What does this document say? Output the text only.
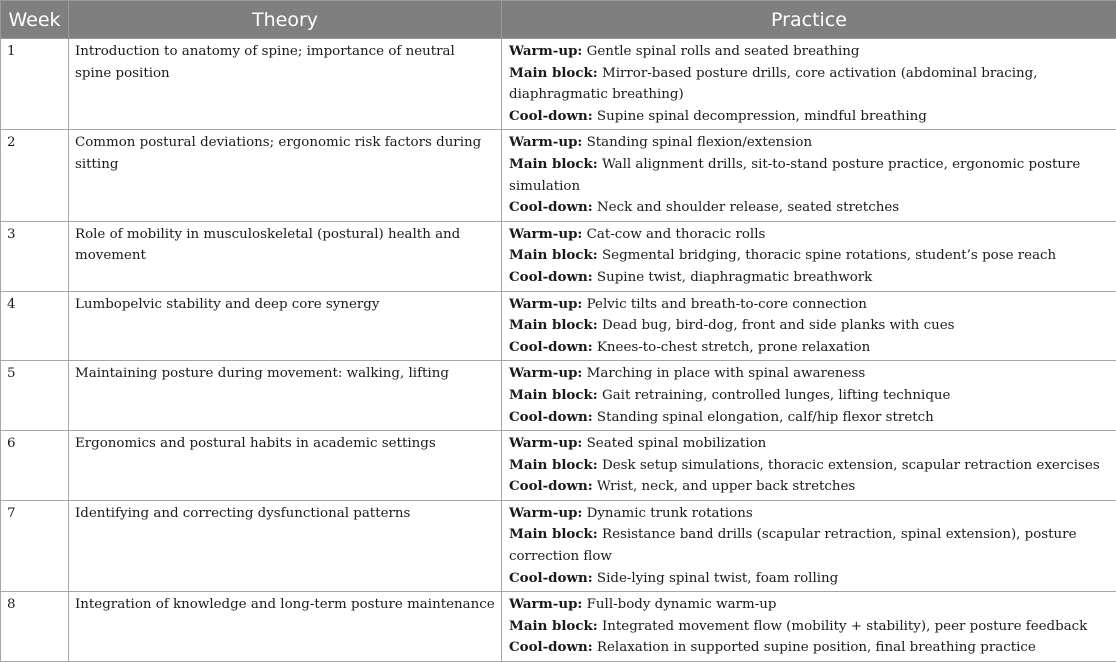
Week	Theory	Practice
1	Introduction to anatomy of spine; importance of neutral spine position	Warm-up: Gentle spinal rolls and seated breathing
Main block: Mirror-based posture drills, core activation (abdominal bracing, diaphragmatic breathing)
Cool-down: Supine spinal decompression, mindful breathing

2	Common postural deviations; ergonomic risk factors during sitting	Warm-up: Standing spinal flexion/extension
Main block: Wall alignment drills, sit-to-stand posture practice, ergonomic posture simulation
Cool-down: Neck and shoulder release, seated stretches

3	Role of mobility in musculoskeletal (postural) health and movement	Warm-up: Cat-cow and thoracic rolls
Main block: Segmental bridging, thoracic spine rotations, student’s pose reach
Cool-down: Supine twist, diaphragmatic breathwork

4	Lumbopelvic stability and deep core synergy	Warm-up: Pelvic tilts and breath-to-core connection
Main block: Dead bug, bird-dog, front and side planks with cues
Cool-down: Knees-to-chest stretch, prone relaxation

5	Maintaining posture during movement: walking, lifting	Warm-up: Marching in place with spinal awareness
Main block: Gait retraining, controlled lunges, lifting technique
Cool-down: Standing spinal elongation, calf/hip flexor stretch

6	Ergonomics and postural habits in academic settings	Warm-up: Seated spinal mobilization
Main block: Desk setup simulations, thoracic extension, scapular retraction exercises
Cool-down: Wrist, neck, and upper back stretches

7	Identifying and correcting dysfunctional patterns	Warm-up: Dynamic trunk rotations
Main block: Resistance band drills (scapular retraction, spinal extension), posture correction flow
Cool-down: Side-lying spinal twist, foam rolling

8	Integration of knowledge and long-term posture maintenance	Warm-up: Full-body dynamic warm-up
Main block: Integrated movement flow (mobility + stability), peer posture feedback
Cool-down: Relaxation in supported supine position, final breathing practice
